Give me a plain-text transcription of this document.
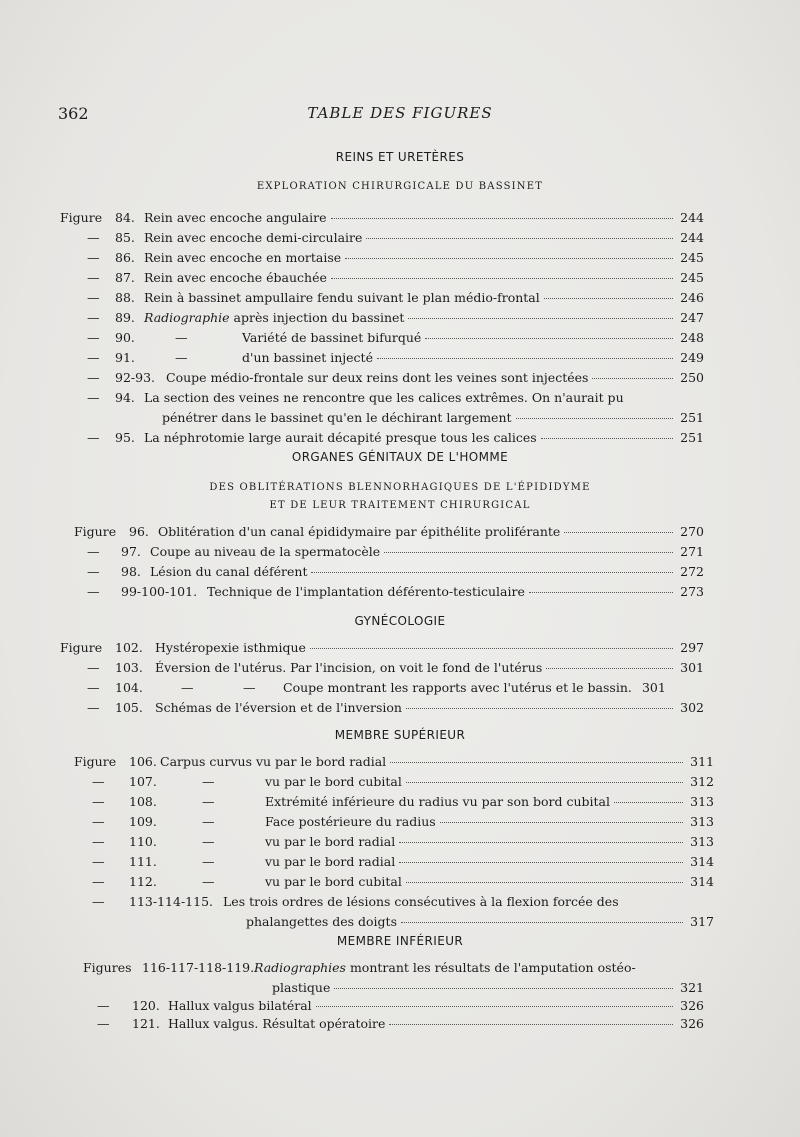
362	TABLE DES FIGURES
REINS ET URETÈRES
EXPLORATION CHIRURGICALE DU BASSINET
Figure	84. Rein avec encoche angulaire	244
—	85. Rein avec encoche demi-circulaire	244
—	86. Rein avec encoche en mortaise	245
—	87. Rein avec encoche ébauchée	245
—	88. Rein à bassinet ampullaire fendu suivant le plan médio-frontal	246
—	89. Radiographie après injection du bassinet	247
—	90.	—	Variété de bassinet bifurqué	248
—	91.	—	d'un bassinet injecté	249
—	92-93. Coupe médio-frontale sur deux reins dont les veines sont injectées	250
—	94. La section des veines ne rencontre que les calices extrêmes. On n'aurait pu
pénétrer dans le bassinet qu'en le déchirant largement	251
—	95. La néphrotomie large aurait décapité presque tous les calices	251
ORGANES GÉNITAUX DE L'HOMME
DES OBLITÉRATIONS BLENNORHAGIQUES DE L'ÉPIDIDYME
ET DE LEUR TRAITEMENT CHIRURGICAL
Figure	96. Oblitération d'un canal épididymaire par épithélite proliférante	270
—	97. Coupe au niveau de la spermatocèle	271
—	98. Lésion du canal déférent	272
—	99-100-101. Technique de l'implantation déférento-testiculaire	273
GYNÉCOLOGIE
Figure	102. Hystéropexie isthmique	297
—	103. Éversion de l'utérus. Par l'incision, on voit le fond de l'utérus	301
—	104.	—	—	Coupe montrant les rapports avec l'utérus et le bassin. 301
—	105. Schémas de l'éversion et de l'inversion	302
MEMBRE SUPÉRIEUR
Figure	106. Carpus curvus vu par le bord radial	311
—	107.	—	vu par le bord cubital	312
—	108.	—	Extrémité inférieure du radius vu par son bord cubital	313
—	109.	—	Face postérieure du radius	313
—	110.	—	vu par le bord radial	313
—	111.	—	vu par le bord radial	314
—	112.	—	vu par le bord cubital	314
—	113-114-115. Les trois ordres de lésions consécutives à la flexion forcée des
phalangettes des doigts	317
MEMBRE INFÉRIEUR
Figures 116-117-118-119. Radiographies montrant les résultats de l'amputation ostéo-
plastique	321
—	120. Hallux valgus bilatéral	326
—	121. Hallux valgus. Résultat opératoire	326
